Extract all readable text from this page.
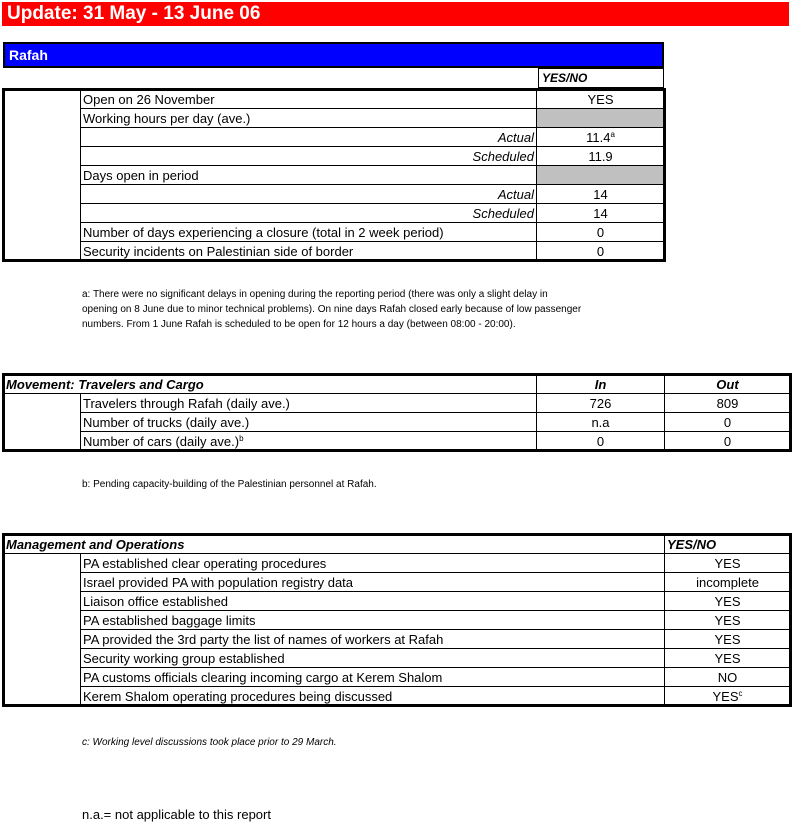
Update: 31 May - 13 June 06
Rafah
YES/NO
	Open on 26 November	YES
	Working hours per day (ave.)	
	Actual	11.4$^a$
	Scheduled	11.9
	Days open in period	
	Actual	14
	Scheduled	14
	Number of days experiencing a closure (total in 2 week period)	0
	Security incidents on Palestinian side of border	0
a: There were no significant delays in opening during the reporting period (there was only a slight delay in
opening on 8 June due to minor technical problems). On nine days Rafah closed early because of low passenger
numbers. From 1 June Rafah is scheduled to be open for 12 hours a day (between 08:00 - 20:00).
Movement: Travelers and Cargo		In	Out
	Travelers through Rafah (daily ave.)	726	809
	Number of trucks (daily ave.)	n.a	0
	Number of cars (daily ave.)$^b$	0	0
b: Pending capacity-building of the Palestinian personnel at Rafah.
Management and Operations		YES/NO
	PA established clear operating procedures	YES
	Israel provided PA with population registry data	incomplete
	Liaison office established	YES
	PA established baggage limits	YES
	PA provided the 3rd party the list of names of workers at Rafah	YES
	Security working group established	YES
	PA customs officials clearing incoming cargo at Kerem Shalom	NO
	Kerem Shalom operating procedures being discussed	YES$^c$
c: Working level discussions took place prior to 29 March.
n.a.= not applicable to this report
